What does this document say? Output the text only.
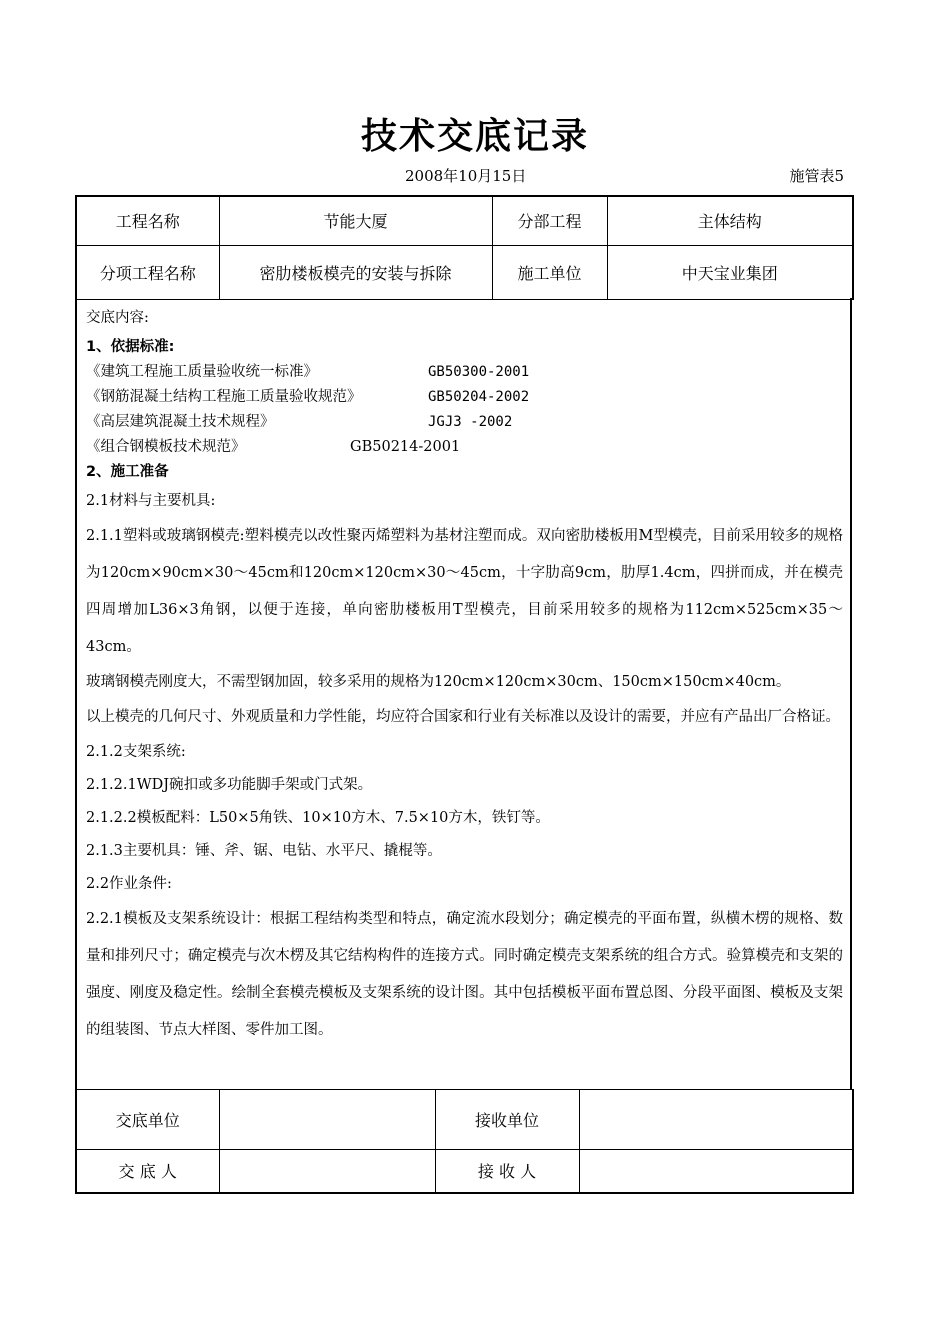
技术交底记录
2008年10月15日	施管表5
工程名称	节能大厦	分部工程	主体结构
分项工程名称	密肋楼板模壳的安装与拆除	施工单位	中天宝业集团
交底内容:
1、依据标准:
《建筑工程施工质量验收统一标准》	GB50300-2001
《钢筋混凝土结构工程施工质量验收规范》	GB50204-2002
《高层建筑混凝土技术规程》	JGJ3 -2002
《组合钢模板技术规范》	GB50214-2001
2、施工准备
2.1材料与主要机具:
2.1.1塑料或玻璃钢模壳:塑料模壳以改性聚丙烯塑料为基材注塑而成。双向密肋楼板用M型模壳，目前采用较多的规格为120cm×90cm×30～45cm和120cm×120cm×30～45cm，十字肋高9cm，肋厚1.4cm，四拼而成，并在模壳四周增加L36×3角钢，以便于连接，单向密肋楼板用T型模壳，目前采用较多的规格为112cm×525cm×35～43cm。
玻璃钢模壳刚度大，不需型钢加固，较多采用的规格为120cm×120cm×30cm、150cm×150cm×40cm。
以上模壳的几何尺寸、外观质量和力学性能，均应符合国家和行业有关标准以及设计的需要，并应有产品出厂合格证。
2.1.2支架系统:
2.1.2.1WDJ碗扣或多功能脚手架或门式架。
2.1.2.2模板配料：L50×5角铁、10×10方木、7.5×10方木，铁钉等。
2.1.3主要机具：锤、斧、锯、电钻、水平尺、撬棍等。
2.2作业条件:
2.2.1模板及支架系统设计：根据工程结构类型和特点，确定流水段划分；确定模壳的平面布置，纵横木楞的规格、数量和排列尺寸；确定模壳与次木楞及其它结构构件的连接方式。同时确定模壳支架系统的组合方式。验算模壳和支架的强度、刚度及稳定性。绘制全套模壳模板及支架系统的设计图。其中包括模板平面布置总图、分段平面图、模板及支架的组装图、节点大样图、零件加工图。
交底单位		接收单位	
交 底 人		接 收 人	
